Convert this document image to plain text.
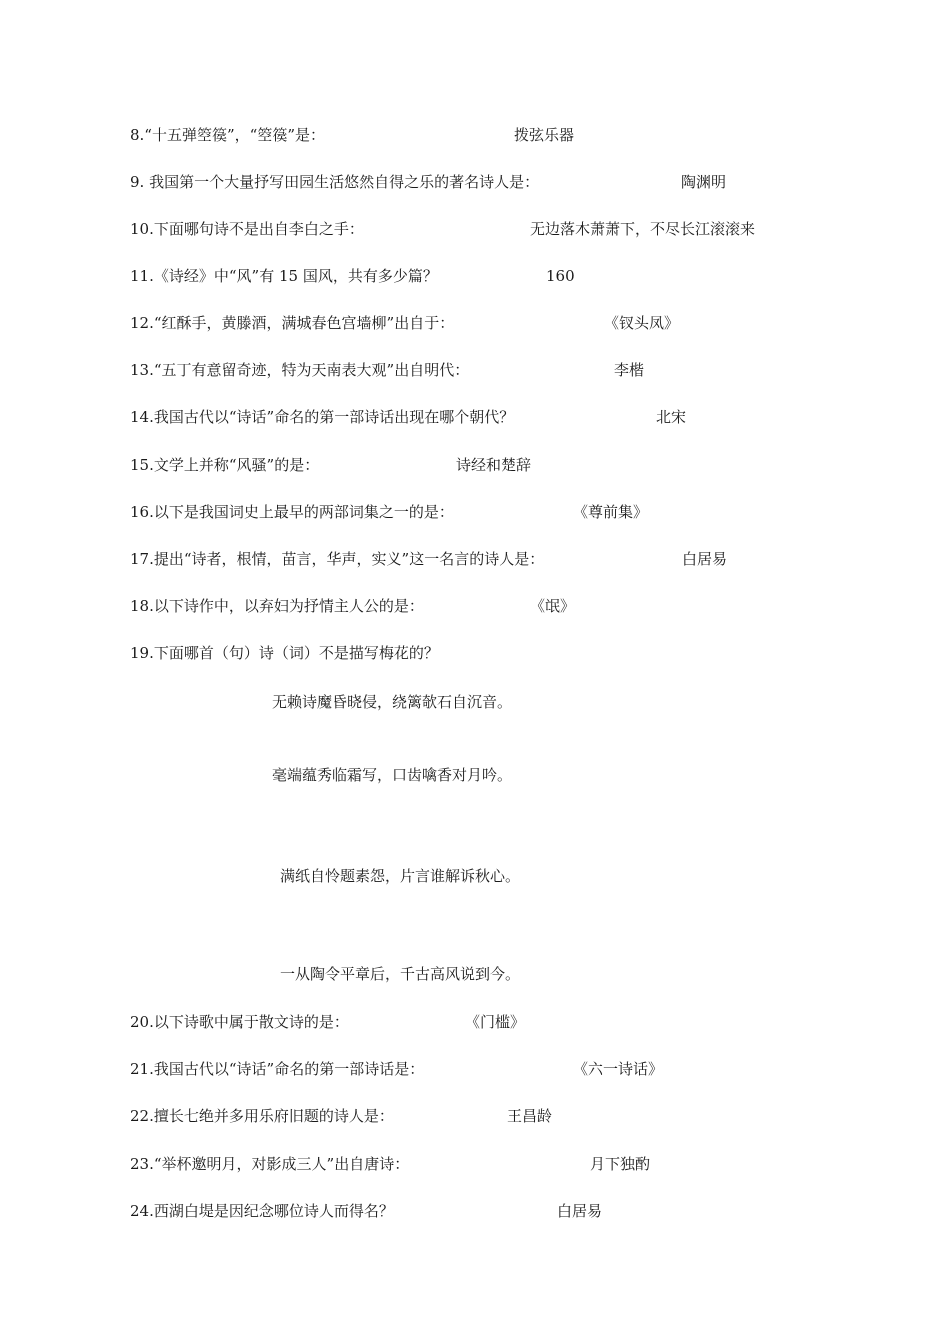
8.“十五弹箜篌”，“箜篌”是：	拨弦乐器
9. 我国第一个大量抒写田园生活悠然自得之乐的著名诗人是：	陶渊明
10.下面哪句诗不是出自李白之手：	无边落木萧萧下，不尽长江滚滚来
11.《诗经》中“风”有 15 国风，共有多少篇？	160
12.“红酥手，黄滕酒，满城春色宫墙柳”出自于：	《钗头凤》
13.“五丁有意留奇迹，特为天南表大观”出自明代：	李楷
14.我国古代以“诗话”命名的第一部诗话出现在哪个朝代？	北宋
15.文学上并称“风骚”的是：	诗经和楚辞
16.以下是我国词史上最早的两部词集之一的是：	《尊前集》
17.提出“诗者，根情，苗言，华声，实义”这一名言的诗人是：	白居易
18.以下诗作中，以弃妇为抒情主人公的是：	《氓》
19.下面哪首（句）诗（词）不是描写梅花的？
无赖诗魔昏晓侵，绕篱欹石自沉音。
毫端蕴秀临霜写，口齿噙香对月吟。
满纸自怜题素怨，片言谁解诉秋心。
一从陶令平章后，千古高风说到今。
20.以下诗歌中属于散文诗的是：	《门槛》
21.我国古代以“诗话”命名的第一部诗话是：	《六一诗话》
22.擅长七绝并多用乐府旧题的诗人是：	王昌龄
23.“举杯邀明月，对影成三人”出自唐诗：	月下独酌
24.西湖白堤是因纪念哪位诗人而得名？	白居易
